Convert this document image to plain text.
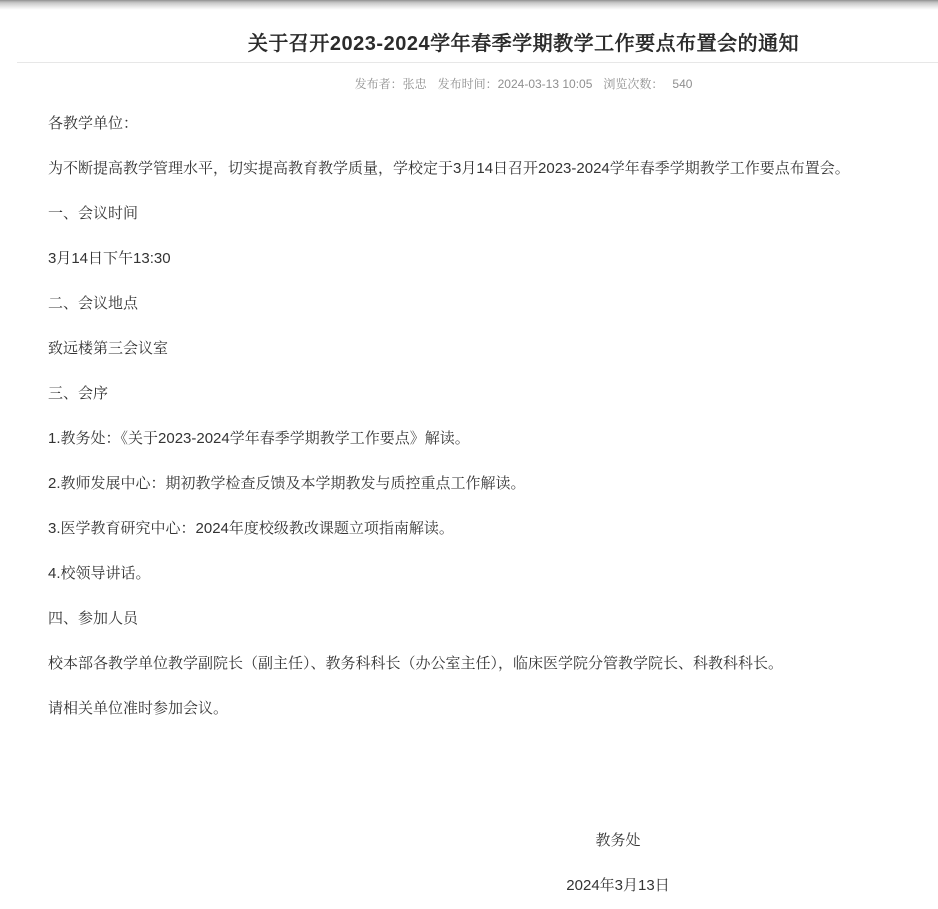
关于召开2023-2024学年春季学期教学工作要点布置会的通知
发布者：张忠 发布时间：2024-03-13 10:05 浏览次数： 540

各教学单位：

为不断提高教学管理水平，切实提高教育教学质量，学校定于3月14日召开2023-2024学年春季学期教学工作要点布置会。

一、会议时间

3月14日下午13:30

二、会议地点

致远楼第三会议室

三、会序

1.教务处：《关于2023-2024学年春季学期教学工作要点》解读。

2.教师发展中心：期初教学检查反馈及本学期教发与质控重点工作解读。

3.医学教育研究中心：2024年度校级教改课题立项指南解读。

4.校领导讲话。

四、参加人员

校本部各教学单位教学副院长（副主任）、教务科科长（办公室主任），临床医学院分管教学院长、科教科科长。

请相关单位准时参加会议。

教务处

2024年3月13日
